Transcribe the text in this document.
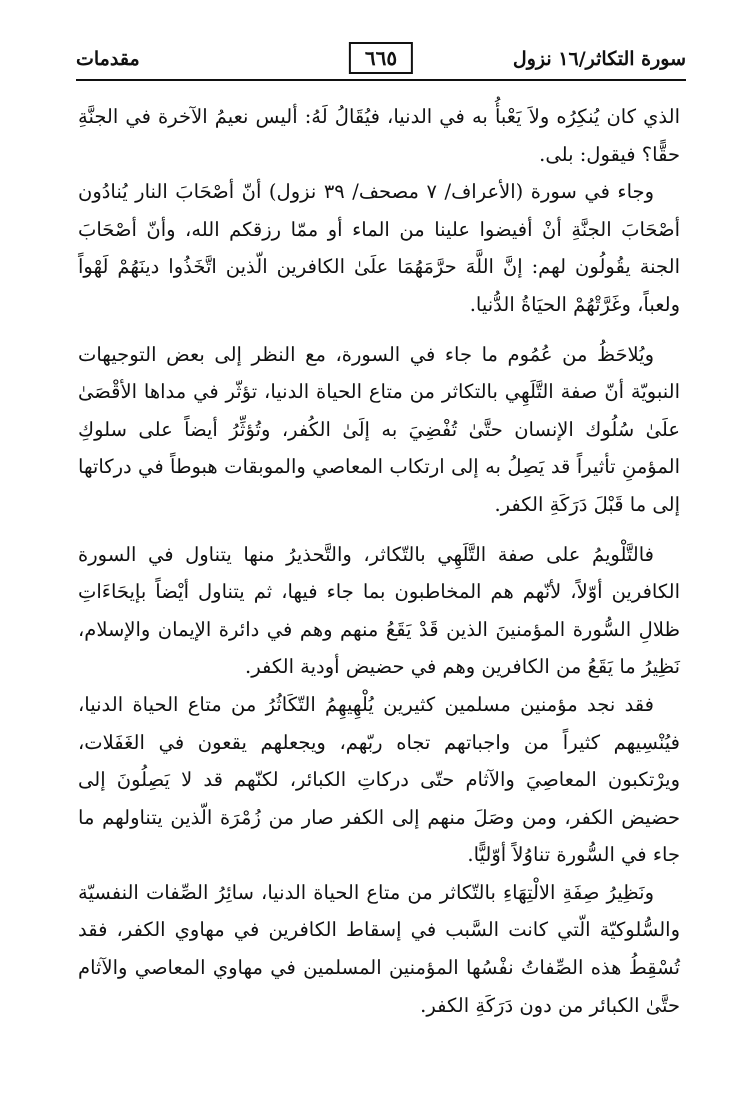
سورة التكاثر/١٦ نزول
٦٦٥
مقدمات

الذي كان يُنكِرُه ولاَ يَعْبأُ به في الدنيا، فيُقَالُ لَهُ: أليس نعيمُ الآخرة في الجنَّةِ حقًّا؟ فيقول: بلى.

وجاء في سورة (الأعراف/ ٧ مصحف/ ٣٩ نزول) أنّ أصْحَابَ النار يُنادُون أصْحَابَ الجنَّةِ أنْ أفيضوا علينا من الماء أو ممّا رزقكم الله، وأنّ أصْحَابَ الجنة يقُولُون لهم: إنَّ اللَّهَ حرَّمَهُمَا علَىٰ الكافرين الّذين اتَّخَذُوا دينَهُمْ لَهْواً ولعباً، وغَرَّتْهُمْ الحيَاةُ الدُّنيا.

ويُلاحَظُ من عُمُوم ما جاء في السورة، مع النظر إلى بعض التوجيهات النبويّة أنّ صفة التَّلَهِي بالتكاثر من متاع الحياة الدنيا، تؤثّر في مداها الأقْصَىٰ علَىٰ سُلُوك الإنسان حتَّىٰ تُفْضِيَ به إلَىٰ الكُفر، وتُؤثِّرُ أيضاً على سلوكِ المؤمنِ تأثيراً قد يَصِلُ به إلى ارتكاب المعاصي والموبقات هبوطاً في دركاتها إلى ما قَبْلَ دَرَكَةِ الكفر.

فالتَّلْويمُ على صفة التَّلَهِي بالتّكاثر، والتَّحذيرُ منها يتناول في السورة الكافرين أوّلاً، لأنّهم هم المخاطبون بما جاء فيها، ثم يتناول أيْضاً بإيحَاءَاتِ ظلالِ السُّورة المؤمنينَ الذين قَدْ يَقَعُ منهم وهم في دائرة الإيمان والإسلام، نَظِيرُ ما يَقَعُ من الكافرين وهم في حضيض أودية الكفر.

فقد نجد مؤمنين مسلمين كثيرين يُلْهِيهِمُ التّكَاثُرُ من متاع الحياة الدنيا، فيُنْسِيهم كثيراً من واجباتهم تجاه ربّهم، ويجعلهم يقعون في الغَفَلات، ويرْتكبون المعاصِيَ والآثام حتّى دركاتِ الكبائر، لكنّهم قد لا يَصِلُونَ إلى حضيض الكفر، ومن وصَلَ منهم إلى الكفر صار من زُمْرَة الّذين يتناولهم ما جاء في السُّورة تناوُلاً أوّليًّا.

ونَظِيرُ صِفَةِ الالْتِهَاءِ بالتّكاثر من متاع الحياة الدنيا، سائِرُ الصِّفات النفسيّة والسُّلوكيّة الّتي كانت السَّبب في إسقاط الكافرين في مهاوي الكفر، فقد تُسْقِطُ هذه الصِّفاتُ نفْسُها المؤمنين المسلمين في مهاوي المعاصي والآثام حتَّىٰ الكبائر من دون دَرَكَةِ الكفر.
